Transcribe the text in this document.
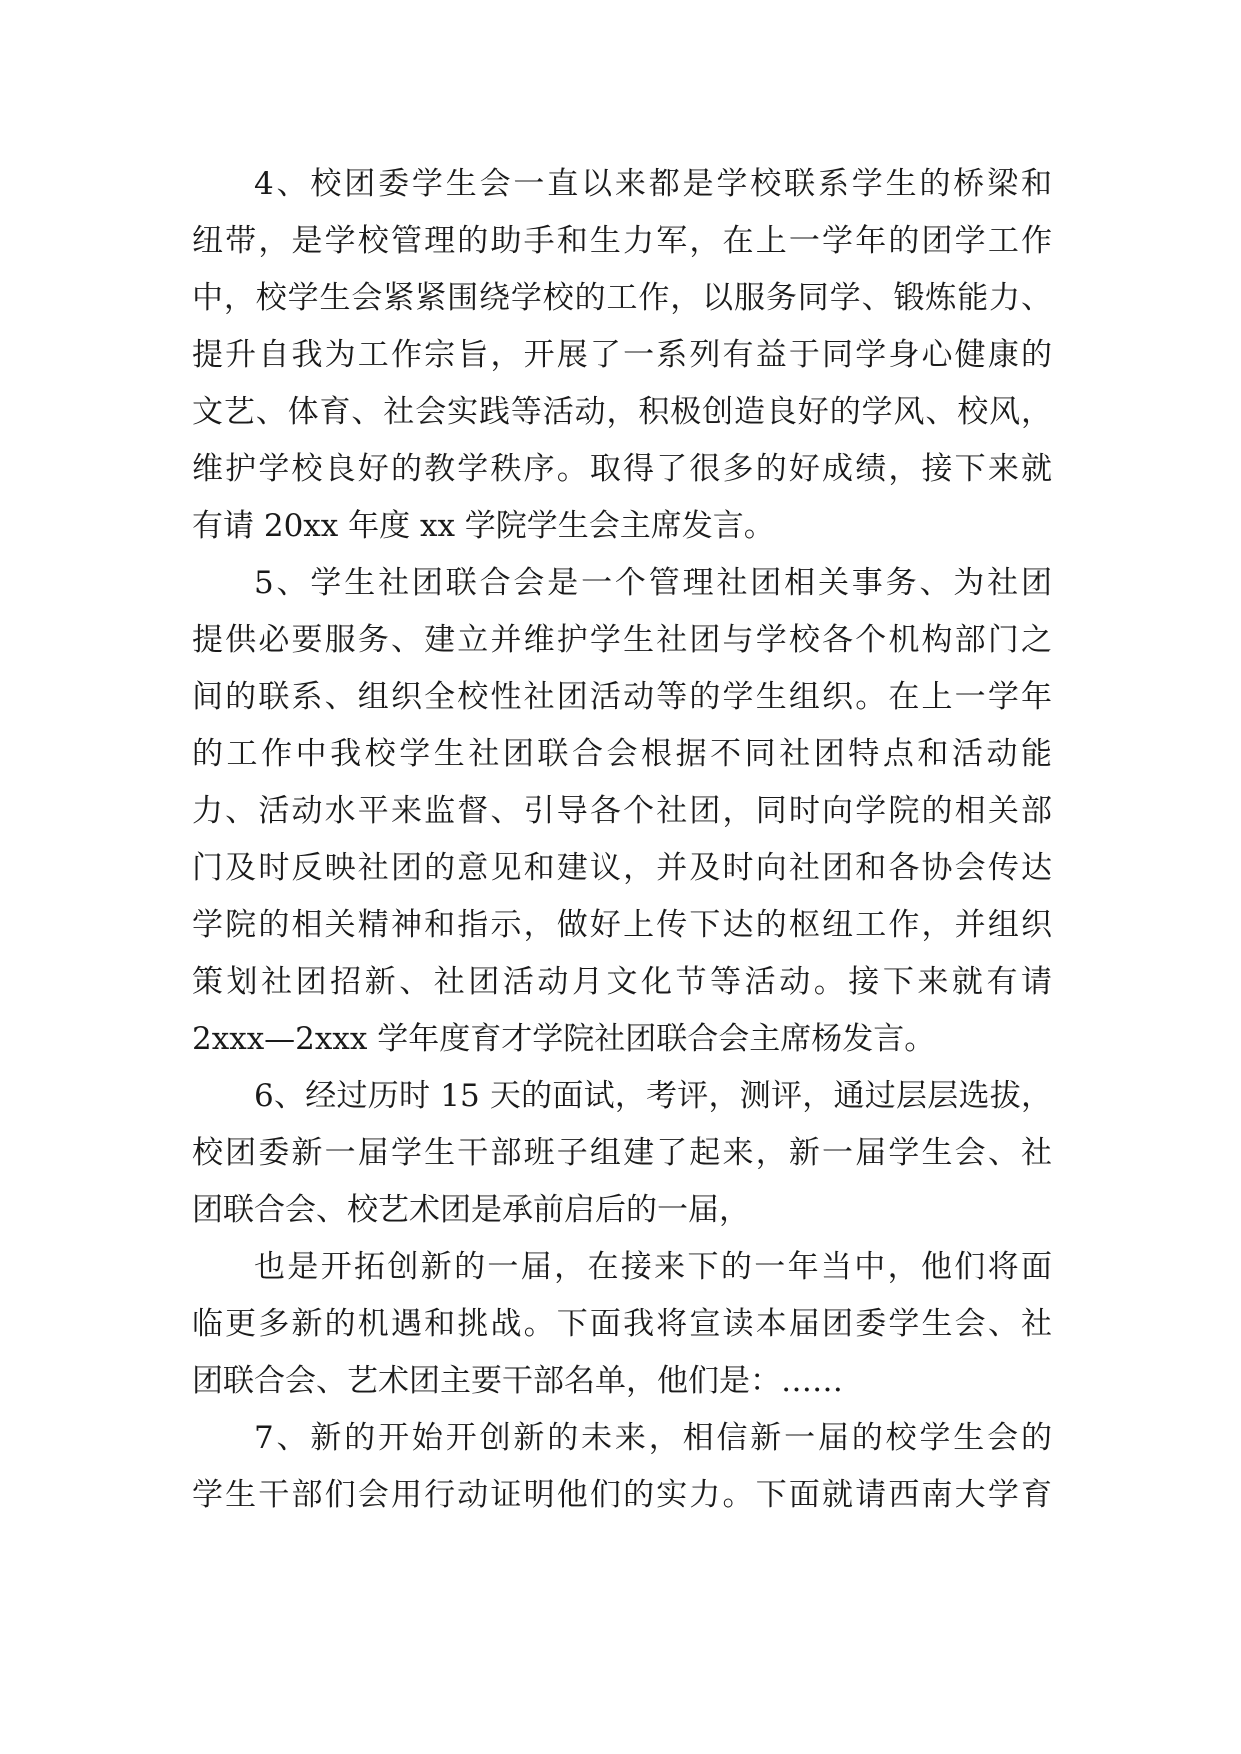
4、校团委学生会一直以来都是学校联系学生的桥梁和
纽带，是学校管理的助手和生力军，在上一学年的团学工作
中，校学生会紧紧围绕学校的工作，以服务同学、锻炼能力、
提升自我为工作宗旨，开展了一系列有益于同学身心健康的
文艺、体育、社会实践等活动，积极创造良好的学风、校风，
维护学校良好的教学秩序。取得了很多的好成绩，接下来就
有请 20xx 年度 xx 学院学生会主席发言。
5、学生社团联合会是一个管理社团相关事务、为社团
提供必要服务、建立并维护学生社团与学校各个机构部门之
间的联系、组织全校性社团活动等的学生组织。在上一学年
的工作中我校学生社团联合会根据不同社团特点和活动能
力、活动水平来监督、引导各个社团，同时向学院的相关部
门及时反映社团的意见和建议，并及时向社团和各协会传达
学院的相关精神和指示，做好上传下达的枢纽工作，并组织
策划社团招新、社团活动月文化节等活动。接下来就有请
2xxx—2xxx 学年度育才学院社团联合会主席杨发言。
6、经过历时 15 天的面试，考评，测评，通过层层选拔，
校团委新一届学生干部班子组建了起来，新一届学生会、社
团联合会、校艺术团是承前启后的一届，
也是开拓创新的一届，在接来下的一年当中，他们将面
临更多新的机遇和挑战。下面我将宣读本届团委学生会、社
团联合会、艺术团主要干部名单，他们是：……
7、新的开始开创新的未来，相信新一届的校学生会的
学生干部们会用行动证明他们的实力。下面就请西南大学育
